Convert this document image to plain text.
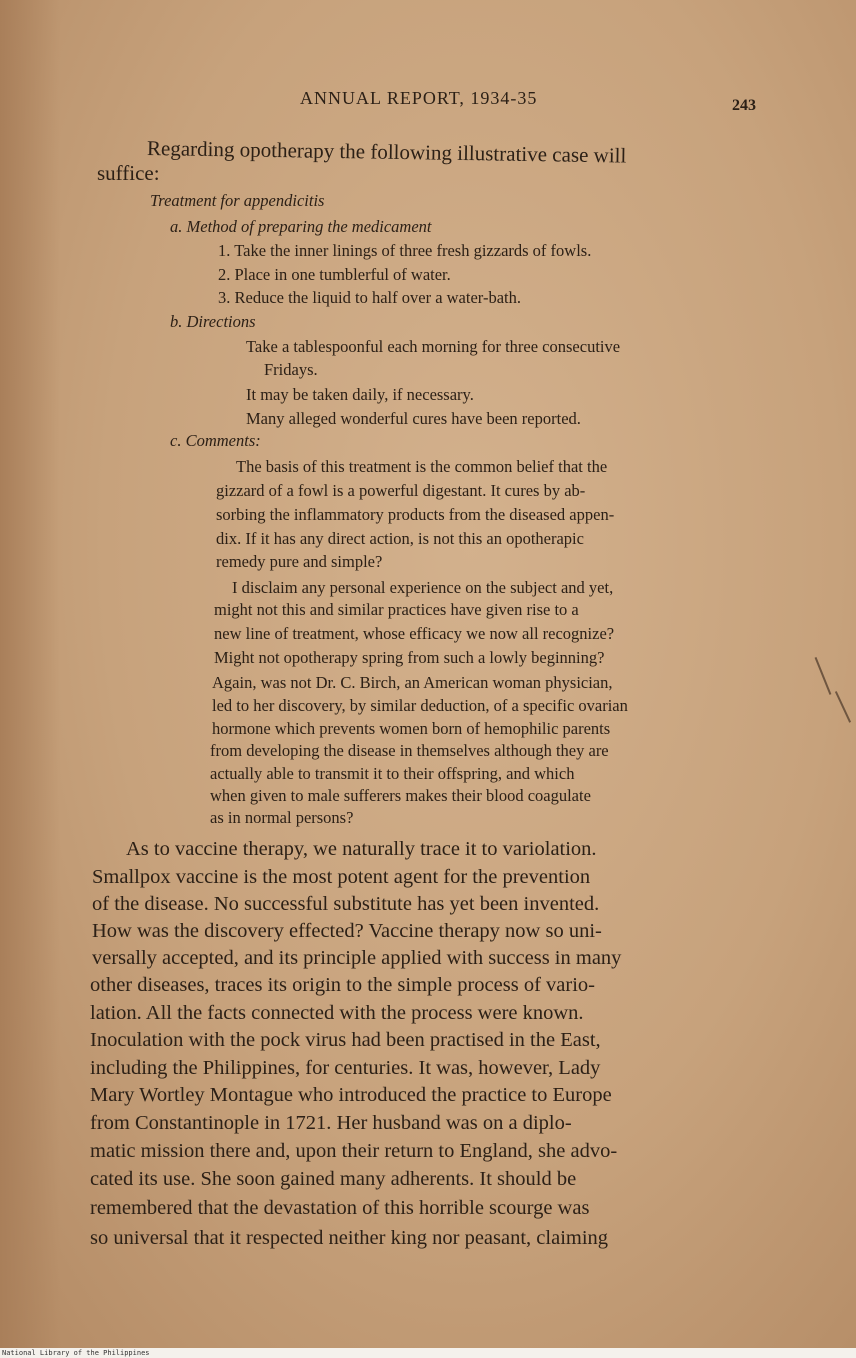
National Library of the Philippines
ANNUAL REPORT, 1934-35	243
Regarding opotherapy the following illustrative case will
suffice:
Treatment for appendicitis
a. Method of preparing the medicament
1. Take the inner linings of three fresh gizzards of fowls.
2. Place in one tumblerful of water.
3. Reduce the liquid to half over a water-bath.
b. Directions
Take a tablespoonful each morning for three consecutive
Fridays.
It may be taken daily, if necessary.
Many alleged wonderful cures have been reported.
c. Comments:
The basis of this treatment is the common belief that the
gizzard of a fowl is a powerful digestant. It cures by ab-
sorbing the inflammatory products from the diseased appen-
dix. If it has any direct action, is not this an opotherapic
remedy pure and simple?
I disclaim any personal experience on the subject and yet,
might not this and similar practices have given rise to a
new line of treatment, whose efficacy we now all recognize?
Might not opotherapy spring from such a lowly beginning?
Again, was not Dr. C. Birch, an American woman physician,
led to her discovery, by similar deduction, of a specific ovarian
hormone which prevents women born of hemophilic parents
from developing the disease in themselves although they are
actually able to transmit it to their offspring, and which
when given to male sufferers makes their blood coagulate
as in normal persons?
As to vaccine therapy, we naturally trace it to variolation.
Smallpox vaccine is the most potent agent for the prevention
of the disease. No successful substitute has yet been invented.
How was the discovery effected? Vaccine therapy now so uni-
versally accepted, and its principle applied with success in many
other diseases, traces its origin to the simple process of vario-
lation. All the facts connected with the process were known.
Inoculation with the pock virus had been practised in the East,
including the Philippines, for centuries. It was, however, Lady
Mary Wortley Montague who introduced the practice to Europe
from Constantinople in 1721. Her husband was on a diplo-
matic mission there and, upon their return to England, she advo-
cated its use. She soon gained many adherents. It should be
remembered that the devastation of this horrible scourge was
so universal that it respected neither king nor peasant, claiming
